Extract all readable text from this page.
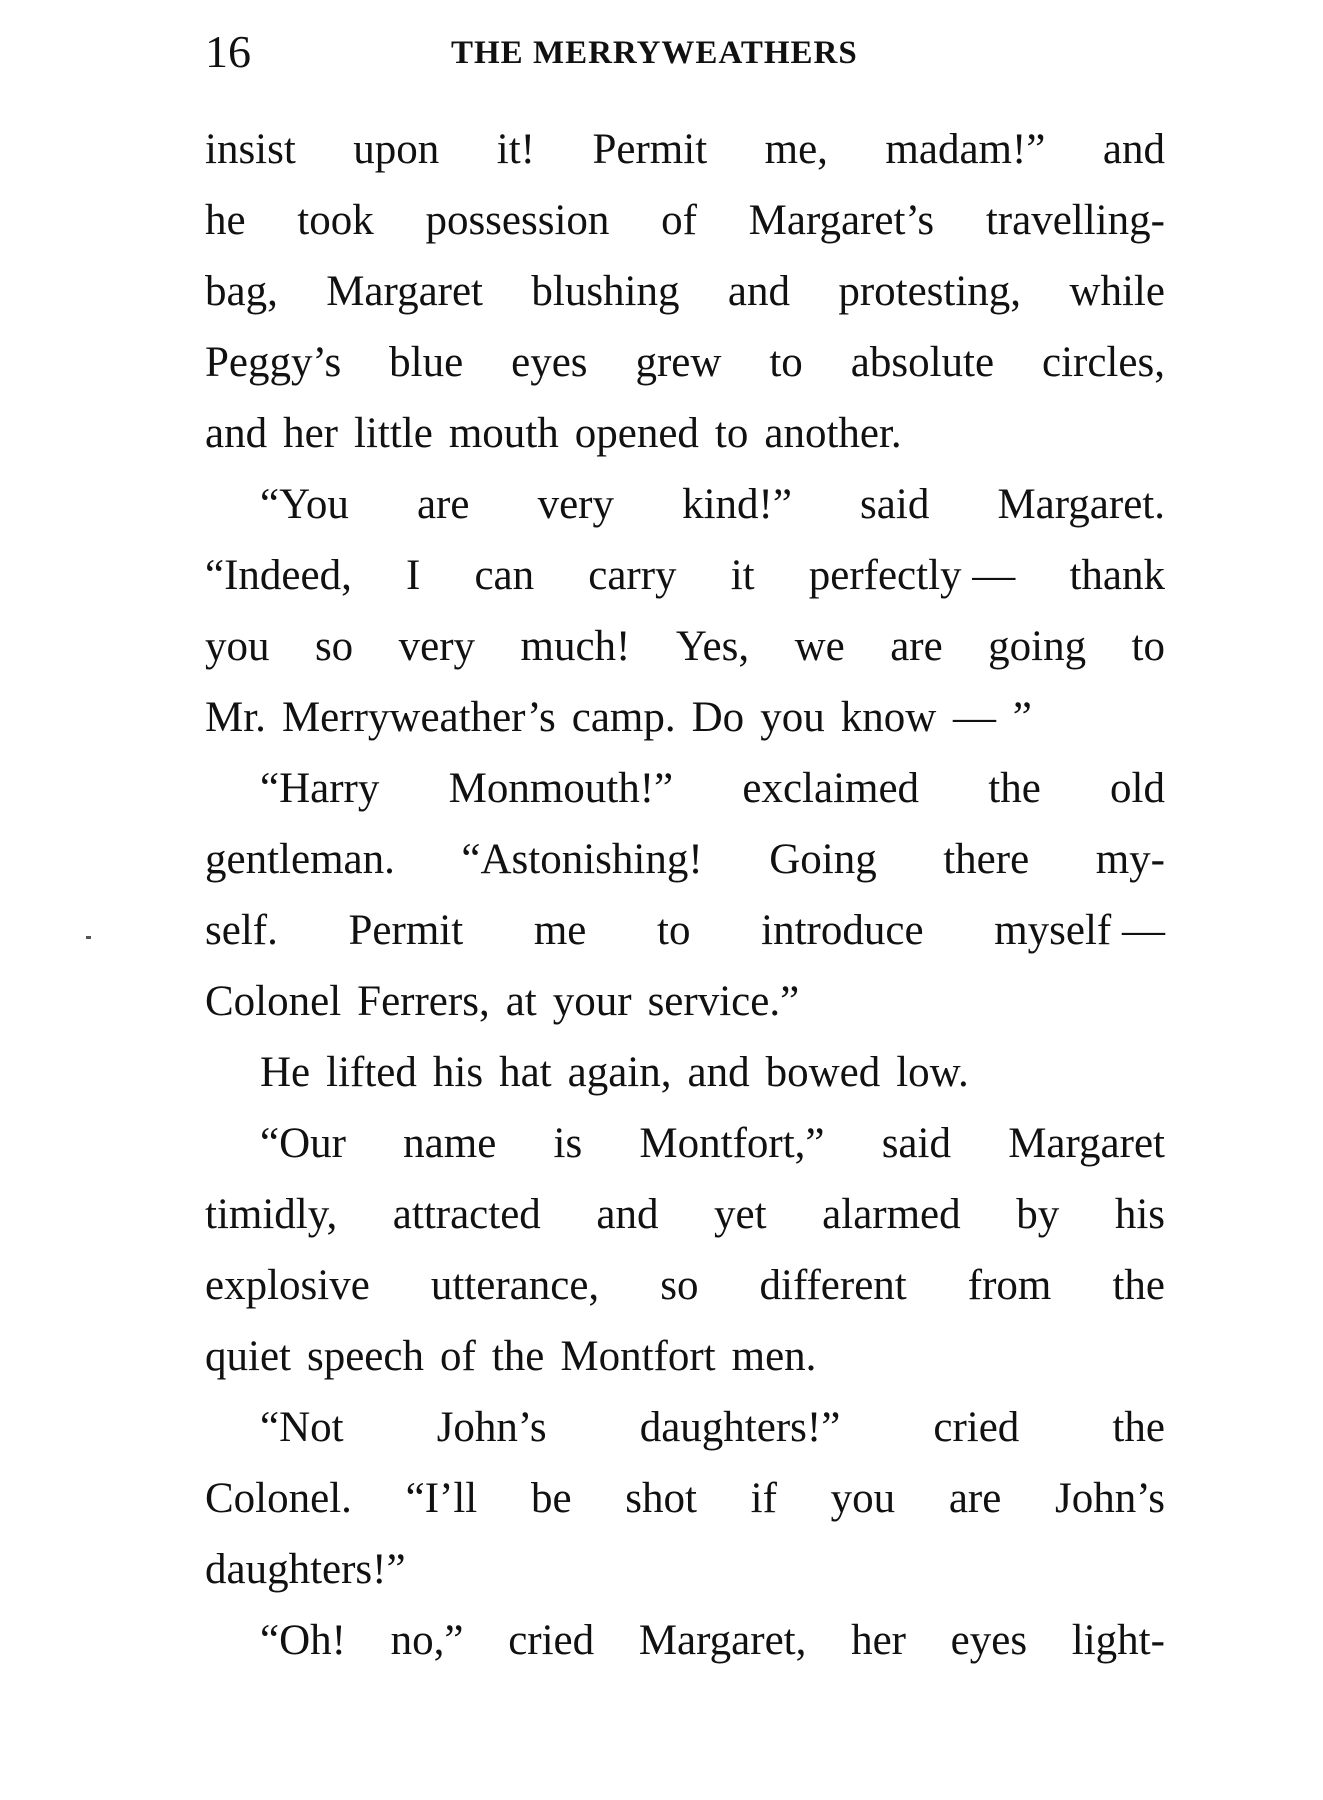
16	THE MERRYWEATHERS
insist upon it! Permit me, madam!” and
he took possession of Margaret’s travelling-
bag, Margaret blushing and protesting, while
Peggy’s blue eyes grew to absolute circles,
and her little mouth opened to another.
“You are very kind!” said Margaret.
“Indeed, I can carry it perfectly — thank
you so very much! Yes, we are going to
Mr. Merryweather’s camp. Do you know — ”
“Harry Monmouth!” exclaimed the old
gentleman. “Astonishing! Going there my-
self. Permit me to introduce myself —
Colonel Ferrers, at your service.”
He lifted his hat again, and bowed low.
“Our name is Montfort,” said Margaret
timidly, attracted and yet alarmed by his
explosive utterance, so different from the
quiet speech of the Montfort men.
“Not John’s daughters!” cried the
Colonel. “I’ll be shot if you are John’s
daughters!”
“Oh! no,” cried Margaret, her eyes light-
